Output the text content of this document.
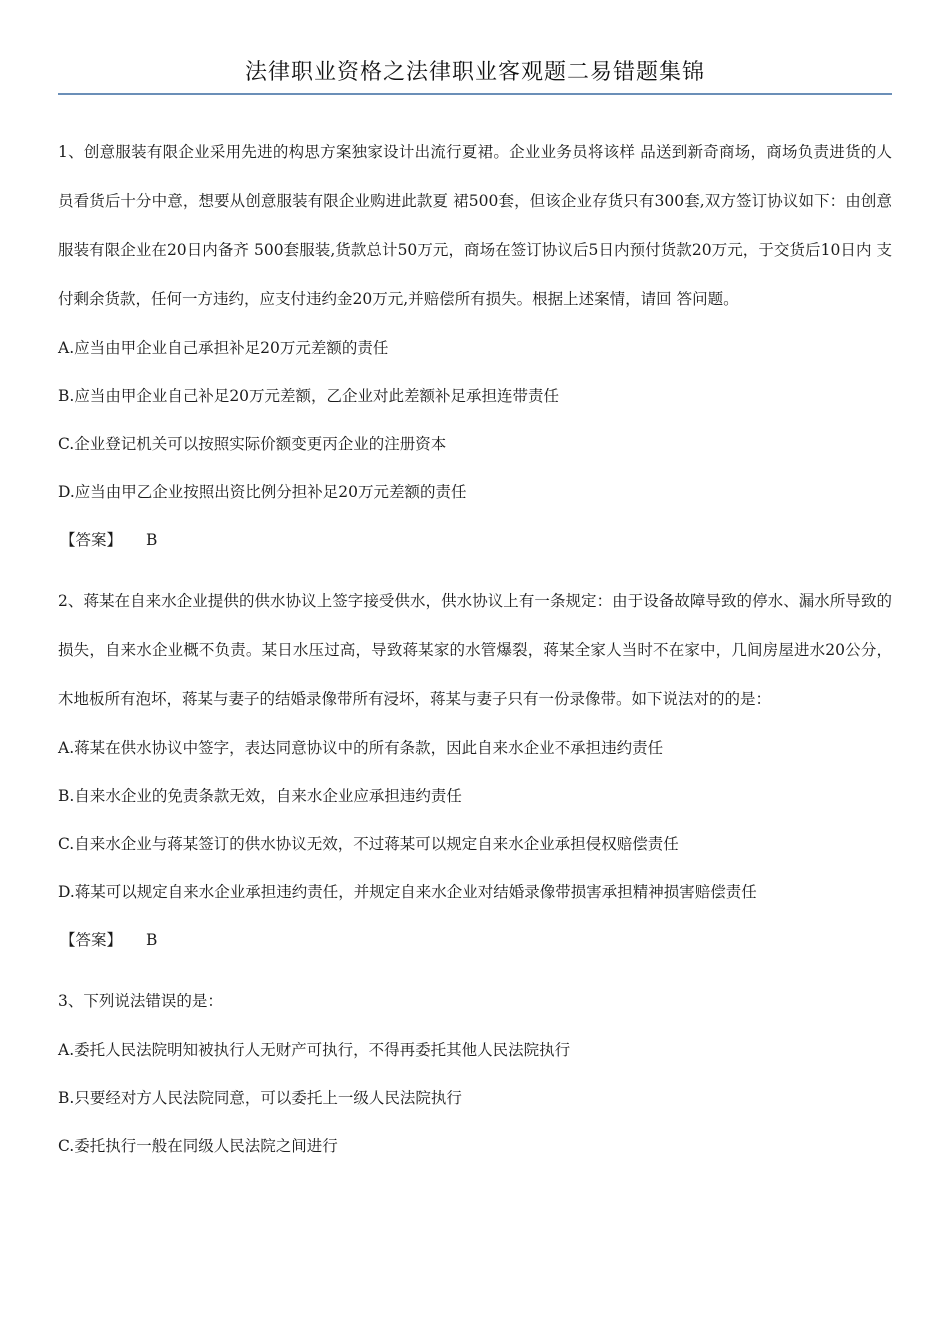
法律职业资格之法律职业客观题二易错题集锦

1、创意服装有限企业采用先进的构思方案独家设计出流行夏裙。企业业务员将该样 品送到新奇商场，商场负责进货的人员看货后十分中意，想要从创意服装有限企业购进此款夏 裙500套，但该企业存货只有300套,双方签订协议如下：由创意服装有限企业在20日内备齐 500套服装,货款总计50万元，商场在签订协议后5日内预付货款20万元，于交货后10日内 支付剩余货款，任何一方违约，应支付违约金20万元,并赔偿所有损失。根据上述案情，请回 答问题。

A.应当由甲企业自己承担补足20万元差额的责任

B.应当由甲企业自己补足20万元差额，乙企业对此差额补足承担连带责任

C.企业登记机关可以按照实际价额变更丙企业的注册资本

D.应当由甲乙企业按照出资比例分担补足20万元差额的责任

【答案】 B

2、蒋某在自来水企业提供的供水协议上签字接受供水，供水协议上有一条规定：由于设备故障导致的停水、漏水所导致的损失，自来水企业概不负责。某日水压过高，导致蒋某家的水管爆裂，蒋某全家人当时不在家中，几间房屋进水20公分，木地板所有泡坏，蒋某与妻子的结婚录像带所有浸坏，蒋某与妻子只有一份录像带。如下说法对的的是：

A.蒋某在供水协议中签字，表达同意协议中的所有条款，因此自来水企业不承担违约责任

B.自来水企业的免责条款无效，自来水企业应承担违约责任

C.自来水企业与蒋某签订的供水协议无效，不过蒋某可以规定自来水企业承担侵权赔偿责任

D.蒋某可以规定自来水企业承担违约责任，并规定自来水企业对结婚录像带损害承担精神损害赔偿责任

【答案】 B

3、下列说法错误的是：

A.委托人民法院明知被执行人无财产可执行，不得再委托其他人民法院执行

B.只要经对方人民法院同意，可以委托上一级人民法院执行

C.委托执行一般在同级人民法院之间进行
